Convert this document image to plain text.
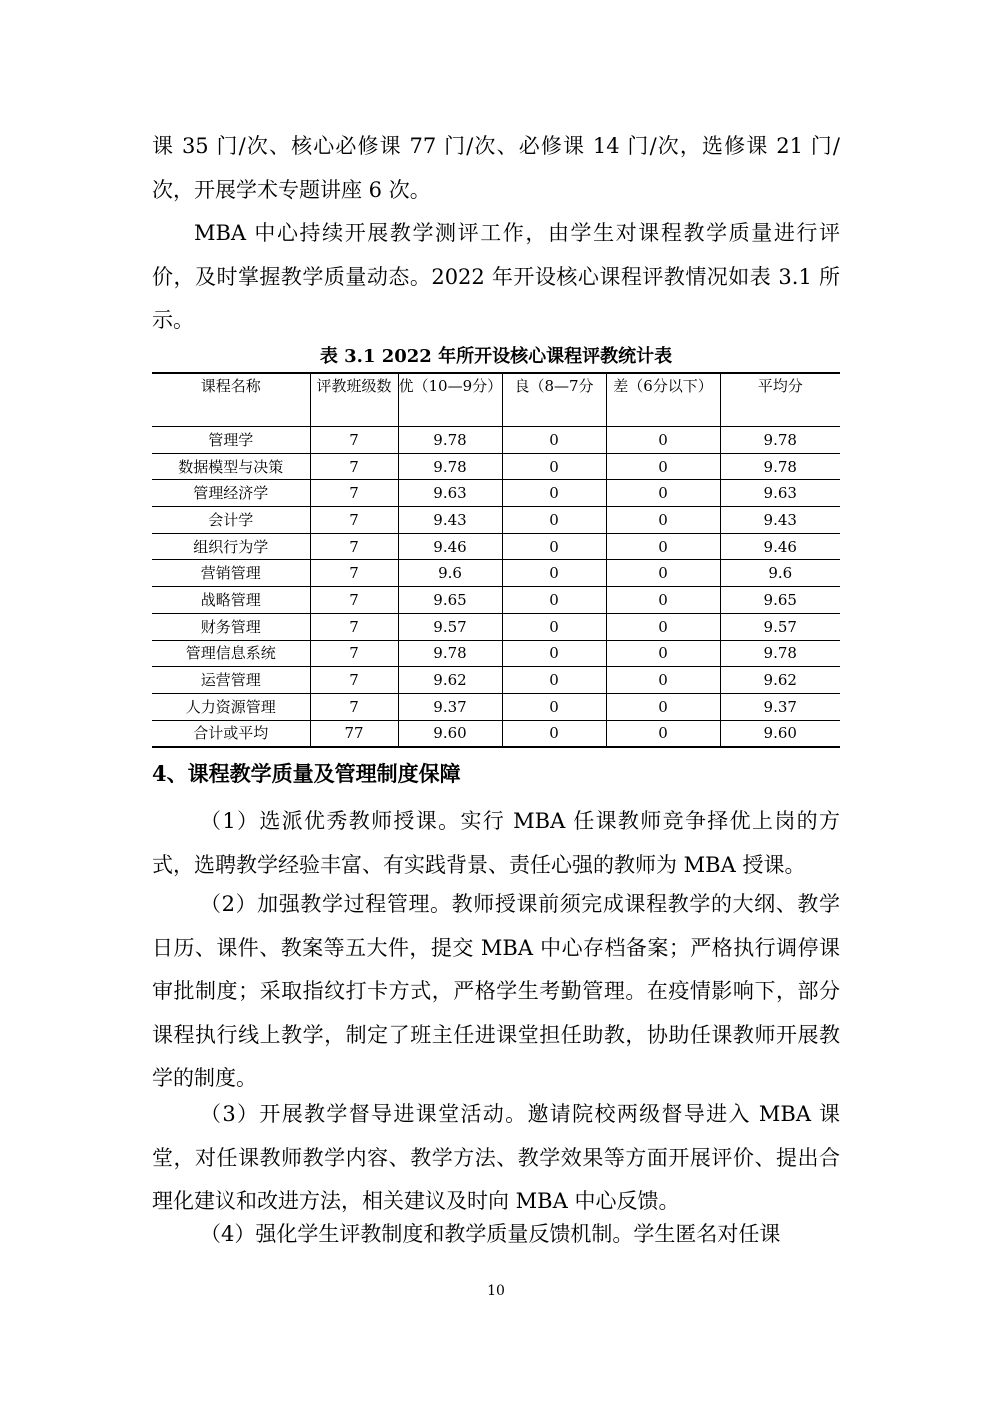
课 35 门/次、核心必修课 77 门/次、必修课 14 门/次，选修课 21 门/次，开展学术专题讲座 6 次。

MBA 中心持续开展教学测评工作，由学生对课程教学质量进行评价，及时掌握教学质量动态。2022 年开设核心课程评教情况如表 3.1 所示。

表 3.1 2022 年所开设核心课程评教统计表
课程名称	评教班级数	优（10—9分）	良（8—7分	差（6分以下）	平均分
管理学	7	9.78	0	0	9.78
数据模型与决策	7	9.78	0	0	9.78
管理经济学	7	9.63	0	0	9.63
会计学	7	9.43	0	0	9.43
组织行为学	7	9.46	0	0	9.46
营销管理	7	9.6	0	0	9.6
战略管理	7	9.65	0	0	9.65
财务管理	7	9.57	0	0	9.57
管理信息系统	7	9.78	0	0	9.78
运营管理	7	9.62	0	0	9.62
人力资源管理	7	9.37	0	0	9.37
合计或平均	77	9.60	0	0	9.60
4、课程教学质量及管理制度保障

（1）选派优秀教师授课。实行 MBA 任课教师竞争择优上岗的方式，选聘教学经验丰富、有实践背景、责任心强的教师为 MBA 授课。

（2）加强教学过程管理。教师授课前须完成课程教学的大纲、教学日历、课件、教案等五大件，提交 MBA 中心存档备案；严格执行调停课审批制度；采取指纹打卡方式，严格学生考勤管理。在疫情影响下，部分课程执行线上教学，制定了班主任进课堂担任助教，协助任课教师开展教学的制度。

（3）开展教学督导进课堂活动。邀请院校两级督导进入 MBA 课堂，对任课教师教学内容、教学方法、教学效果等方面开展评价、提出合理化建议和改进方法，相关建议及时向 MBA 中心反馈。

（4）强化学生评教制度和教学质量反馈机制。学生匿名对任课

10
